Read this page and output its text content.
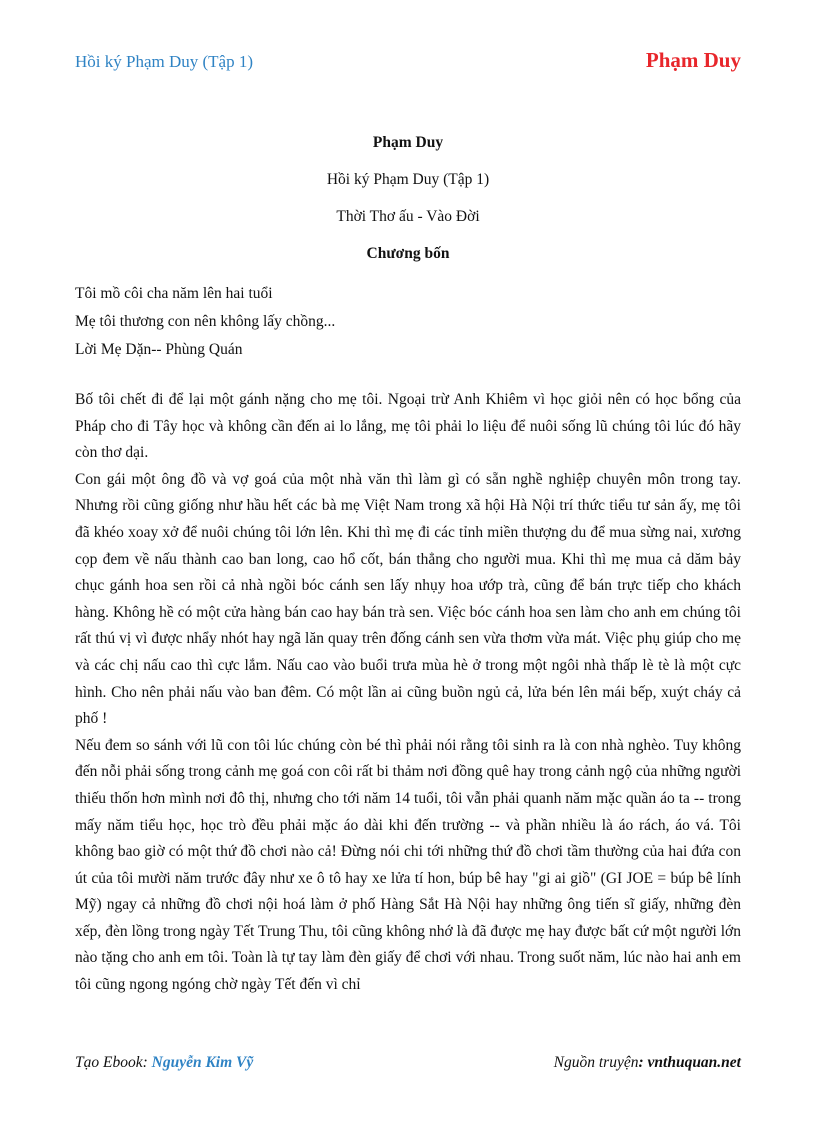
Hồi ký Phạm Duy (Tập 1)	Phạm Duy
Phạm Duy
Hồi ký Phạm Duy (Tập 1)
Thời Thơ ấu - Vào Đời
Chương bốn
Tôi mồ côi cha năm lên hai tuổi
Mẹ tôi thương con nên không lấy chồng...
Lời Mẹ Dặn-- Phùng Quán

Bố tôi chết đi để lại một gánh nặng cho mẹ tôi. Ngoại trừ Anh Khiêm vì học giỏi nên có học bổng của Pháp cho đi Tây học và không cần đến ai lo lắng, mẹ tôi phải lo liệu để nuôi sống lũ chúng tôi lúc đó hãy còn thơ dại.

Con gái một ông đồ và vợ goá của một nhà văn thì làm gì có sẵn nghề nghiệp chuyên môn trong tay. Nhưng rồi cũng giống như hầu hết các bà mẹ Việt Nam trong xã hội Hà Nội trí thức tiểu tư sản ấy, mẹ tôi đã khéo xoay xở để nuôi chúng tôi lớn lên. Khi thì mẹ đi các tỉnh miền thượng du để mua sừng nai, xương cọp đem về nấu thành cao ban long, cao hổ cốt, bán thẳng cho người mua. Khi thì mẹ mua cả dăm bảy chục gánh hoa sen rồi cả nhà ngồi bóc cánh sen lấy nhụy hoa ướp trà, cũng để bán trực tiếp cho khách hàng. Không hề có một cửa hàng bán cao hay bán trà sen. Việc bóc cánh hoa sen làm cho anh em chúng tôi rất thú vị vì được nhẩy nhót hay ngã lăn quay trên đống cánh sen vừa thơm vừa mát. Việc phụ giúp cho mẹ và các chị nấu cao thì cực lắm. Nấu cao vào buổi trưa mùa hè ở trong một ngôi nhà thấp lè tè là một cực hình. Cho nên phải nấu vào ban đêm. Có một lần ai cũng buồn ngủ cả, lửa bén lên mái bếp, xuýt cháy cả phố !

Nếu đem so sánh với lũ con tôi lúc chúng còn bé thì phải nói rằng tôi sinh ra là con nhà nghèo. Tuy không đến nỗi phải sống trong cảnh mẹ goá con côi rất bi thảm nơi đồng quê hay trong cảnh ngộ của những người thiếu thốn hơn mình nơi đô thị, nhưng cho tới năm 14 tuổi, tôi vẫn phải quanh năm mặc quần áo ta -- trong mấy năm tiểu học, học trò đều phải mặc áo dài khi đến trường -- và phần nhiều là áo rách, áo vá. Tôi không bao giờ có một thứ đồ chơi nào cả! Đừng nói chi tới những thứ đồ chơi tầm thường của hai đứa con út của tôi mười năm trước đây như xe ô tô hay xe lửa tí hon, búp bê hay "gi ai giồ" (GI JOE = búp bê lính Mỹ) ngay cả những đồ chơi nội hoá làm ở phố Hàng Sắt Hà Nội hay những ông tiến sĩ giấy, những đèn xếp, đèn lồng trong ngày Tết Trung Thu, tôi cũng không nhớ là đã được mẹ hay được bất cứ một người lớn nào tặng cho anh em tôi. Toàn là tự tay làm đèn giấy để chơi với nhau. Trong suốt năm, lúc nào hai anh em tôi cũng ngong ngóng chờ ngày Tết đến vì chỉ

Tạo Ebook: Nguyễn Kim Vỹ	Nguồn truyện: vnthuquan.net
